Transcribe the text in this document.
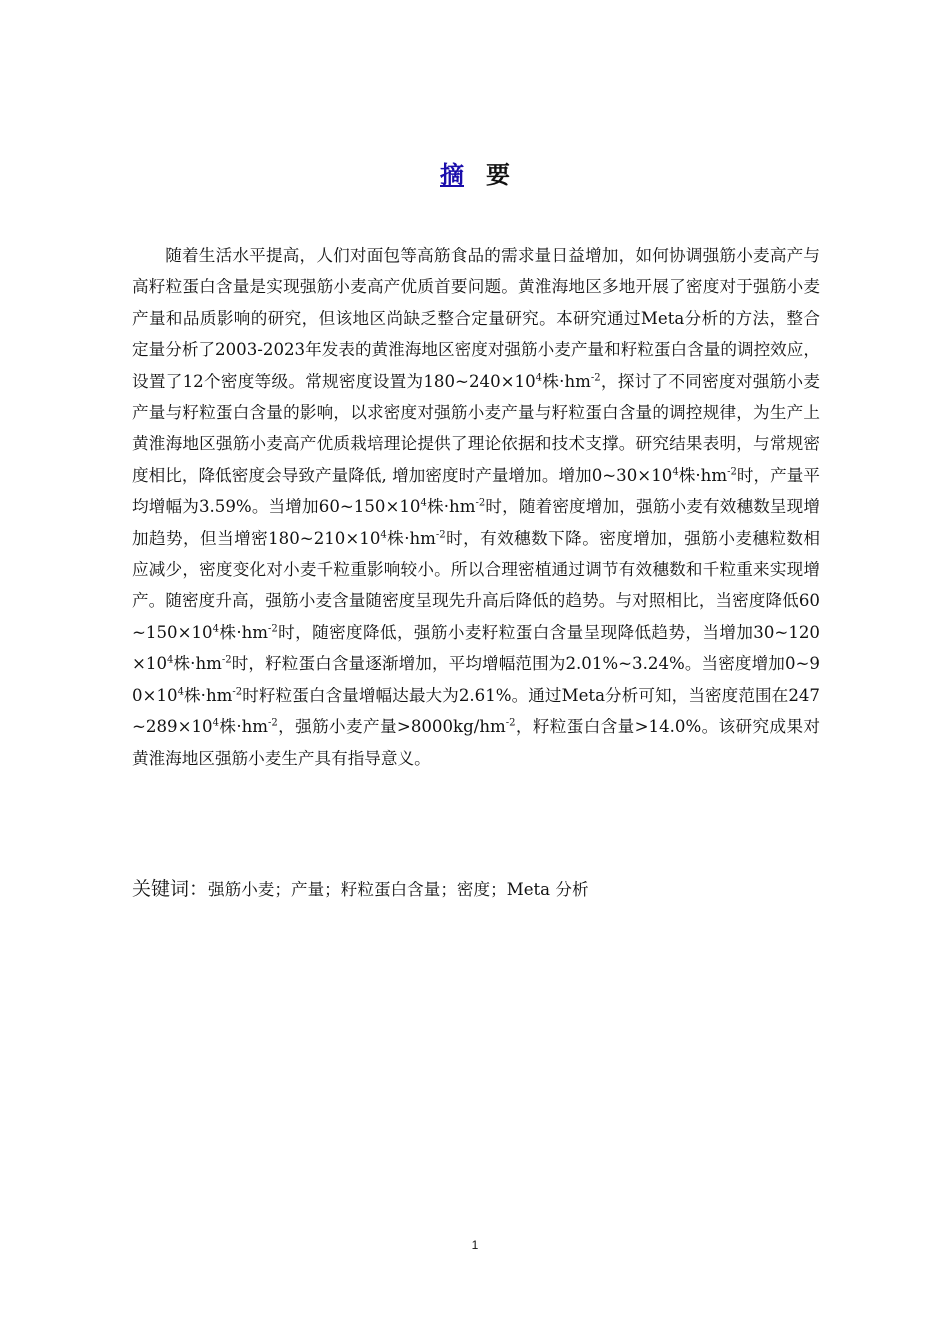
摘 要

随着生活水平提高，人们对面包等高筋食品的需求量日益增加，如何协调强筋小麦高产与高籽粒蛋白含量是实现强筋小麦高产优质首要问题。黄淮海地区多地开展了密度对于强筋小麦产量和品质影响的研究，但该地区尚缺乏整合定量研究。本研究通过Meta分析的方法，整合定量分析了2003-2023年发表的黄淮海地区密度对强筋小麦产量和籽粒蛋白含量的调控效应，设置了12个密度等级。常规密度设置为$180\sim 240\times 10^4$株$\cdot hm^{-2}$，探讨了不同密度对强筋小麦产量与籽粒蛋白含量的影响，以求密度对强筋小麦产量与籽粒蛋白含量的调控规律，为生产上黄淮海地区强筋小麦高产优质栽培理论提供了理论依据和技术支撑。研究结果表明，与常规密度相比，降低密度会导致产量降低, 增加密度时产量增加。增加$0\sim 30\times 10^4$株$\cdot hm^{-2}$时，产量平均增幅为3.59%。当增加$60\sim 150\times 10^4$株$\cdot hm^{-2}$时，随着密度增加，强筋小麦有效穗数呈现增加趋势，但当增密$180\sim 210\times 10^4$株$\cdot hm^{-2}$时，有效穗数下降。密度增加，强筋小麦穗粒数相应减少，密度变化对小麦千粒重影响较小。所以合理密植通过调节有效穗数和千粒重来实现增产。随密度升高，强筋小麦含量随密度呈现先升高后降低的趋势。与对照相比，当密度降低$60\sim 150\times 10^4$株$\cdot hm^{-2}$时，随密度降低，强筋小麦籽粒蛋白含量呈现降低趋势，当增加$30\sim 120\times 10^4$株$\cdot hm^{-2}$时，籽粒蛋白含量逐渐增加，平均增幅范围为2.01%~3.24%。当密度增加$0\sim 90\times 10^4$株$\cdot hm^{-2}$时籽粒蛋白含量增幅达最大为2.61%。通过Meta分析可知，当密度范围在$247\sim 289\times 10^4$株$\cdot hm^{-2}$，强筋小麦产量$>8000kg/hm^{-2}$，籽粒蛋白含量>14.0%。该研究成果对黄淮海地区强筋小麦生产具有指导意义。

关键词：强筋小麦；产量；籽粒蛋白含量；密度；Meta 分析
1
